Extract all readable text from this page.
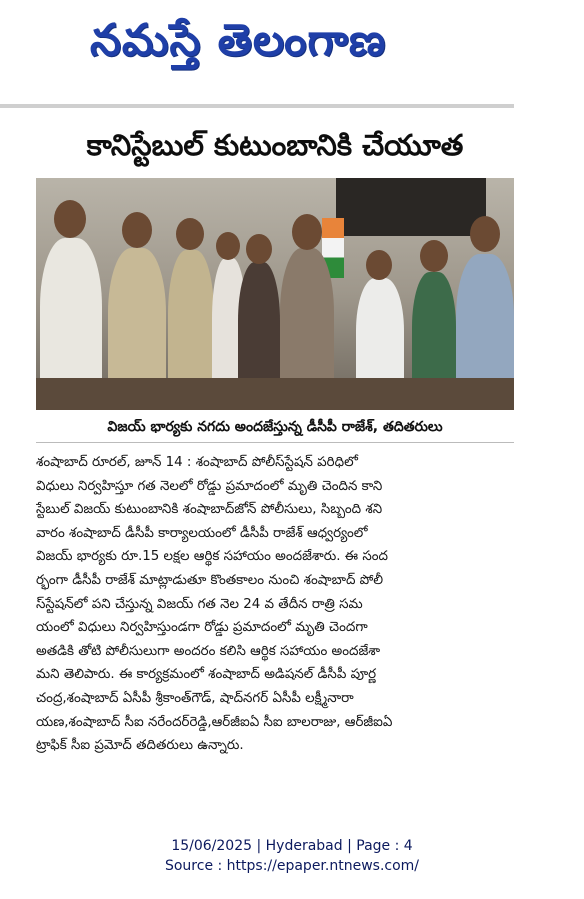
నమస్తే తెలంగాణ
కానిస్టేబుల్ కుటుంబానికి చేయూత
విజయ్ భార్యకు నగదు అందజేస్తున్న డీసీపీ రాజేశ్, తదితరులు
శంషాబాద్ రూరల్, జూన్ 14 : శంషాబాద్ పోలీస్‌స్టేషన్ పరిధిలో
విధులు నిర్వహిస్తూ గత నెలలో రోడ్డు ప్రమాదంలో మృతి చెందిన కాని
స్టేబుల్ విజయ్ కుటుంబానికి శంషాబాద్‌జోన్ పోలీసులు, సిబ్బంది శని
వారం శంషాబాద్ డీసీపీ కార్యాలయంలో డీసీపీ రాజేశ్ ఆధ్వర్యంలో
విజయ్ భార్యకు రూ.15 లక్షల ఆర్థిక సహాయం అందజేశారు. ఈ సంద
ర్భంగా డీసీపీ రాజేశ్ మాట్లాడుతూ కొంతకాలం నుంచి శంషాబాద్ పోలీ
స్‌స్టేషన్‌లో పని చేస్తున్న విజయ్ గత నెల 24 వ తేదీన రాత్రి సమ
యంలో విధులు నిర్వహిస్తుండగా రోడ్డు ప్రమాదంలో మృతి చెందగా
అతడికి తోటి పోలీసులుగా అందరం కలిసి ఆర్థిక సహాయం అందజేశా
మని తెలిపారు. ఈ కార్యక్రమంలో శంషాబాద్ అడిషనల్ డీసీపీ పూర్ణ
చంద్ర,శంషాబాద్ ఏసీపీ శ్రీకాంత్‌గౌడ్, షాద్‌నగర్ ఏసీపీ లక్ష్మీనారా
యణ,శంషాబాద్ సీఐ నరేందర్‌రెడ్డి,ఆర్‌జీఐఏ సీఐ బాలరాజు, ఆర్‌జీఐఏ
ట్రాఫిక్ సీఐ ప్రమోద్ తదితరులు ఉన్నారు.
15/06/2025 | Hyderabad | Page : 4
Source : https://epaper.ntnews.com/
